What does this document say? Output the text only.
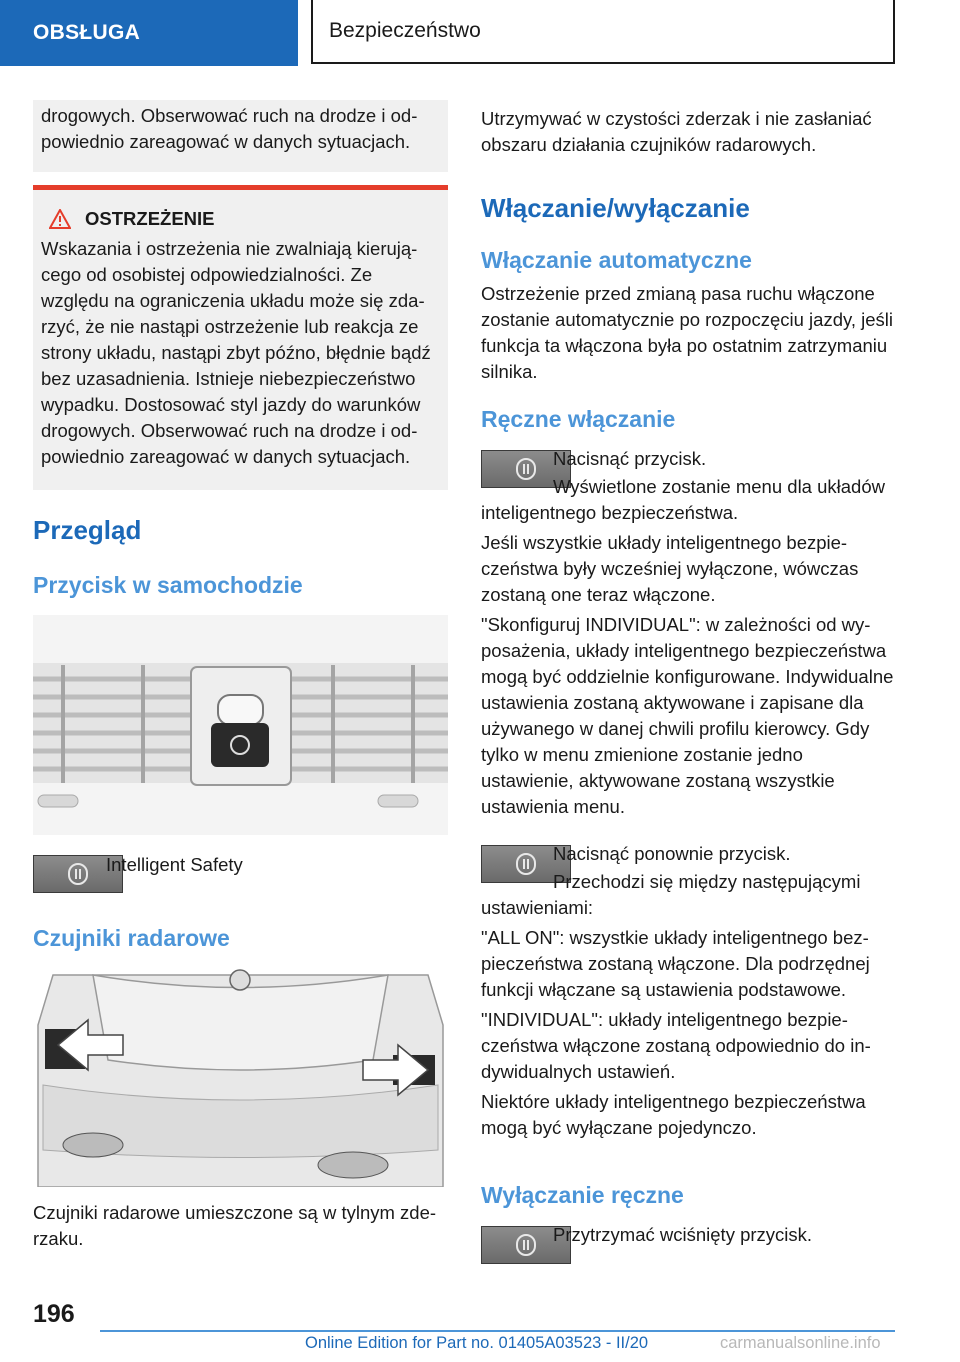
OBSŁUGA	Bezpieczeństwo

drogowych. Obserwować ruch na drodze i odpowiednio zareagować w danych sytuacjach.

OSTRZEŻENIE

Wskazania i ostrzeżenia nie zwalniają kierującego od osobistej odpowiedzialności. Ze względu na ograniczenia układu może się zdarzyć, że nie nastąpi ostrzeżenie lub reakcja ze strony układu, nastąpi zbyt późno, błędnie bądź bez uzasadnienia. Istnieje niebezpieczeństwo wypadku. Dostosować styl jazdy do warunków drogowych. Obserwować ruch na drodze i odpowiednio zareagować w danych sytuacjach.

Przegląd
Przycisk w samochodzie
Intelligent Safety
Czujniki radarowe

Czujniki radarowe umieszczone są w tylnym zderzaku.

Utrzymywać w czystości zderzak i nie zasłaniać obszaru działania czujników radarowych.

Włączanie/wyłączanie
Włączanie automatyczne

Ostrzeżenie przed zmianą pasa ruchu włączone zostanie automatycznie po rozpoczęciu jazdy, jeśli funkcja ta włączona była po ostatnim zatrzymaniu silnika.

Ręczne włączanie
Nacisnąć przycisk.

Wyświetlone zostanie menu dla układów inteligentnego bezpieczeństwa.

Jeśli wszystkie układy inteligentnego bezpieczeństwa były wcześniej wyłączone, wówczas zostaną one teraz włączone.

"Skonfiguruj INDIVIDUAL": w zależności od wyposażenia, układy inteligentnego bezpieczeństwa mogą być oddzielnie konfigurowane. Indywidualne ustawienia zostaną aktywowane i zapisane dla używanego w danej chwili profilu kierowcy. Gdy tylko w menu zmienione zostanie jedno ustawienie, aktywowane zostaną wszystkie ustawienia menu.

Nacisnąć ponownie przycisk.

Przechodzi się między następującymi ustawieniami:

"ALL ON": wszystkie układy inteligentnego bezpieczeństwa zostaną włączone. Dla podrzędnej funkcji włączane są ustawienia podstawowe.

"INDIVIDUAL": układy inteligentnego bezpieczeństwa włączone zostaną odpowiednio do indywidualnych ustawień.

Niektóre układy inteligentnego bezpieczeństwa mogą być wyłączane pojedynczo.

Wyłączanie ręczne
Przytrzymać wciśnięty przycisk.
196
Online Edition for Part no. 01405A03523 - II/20	carmanualsonline.info
